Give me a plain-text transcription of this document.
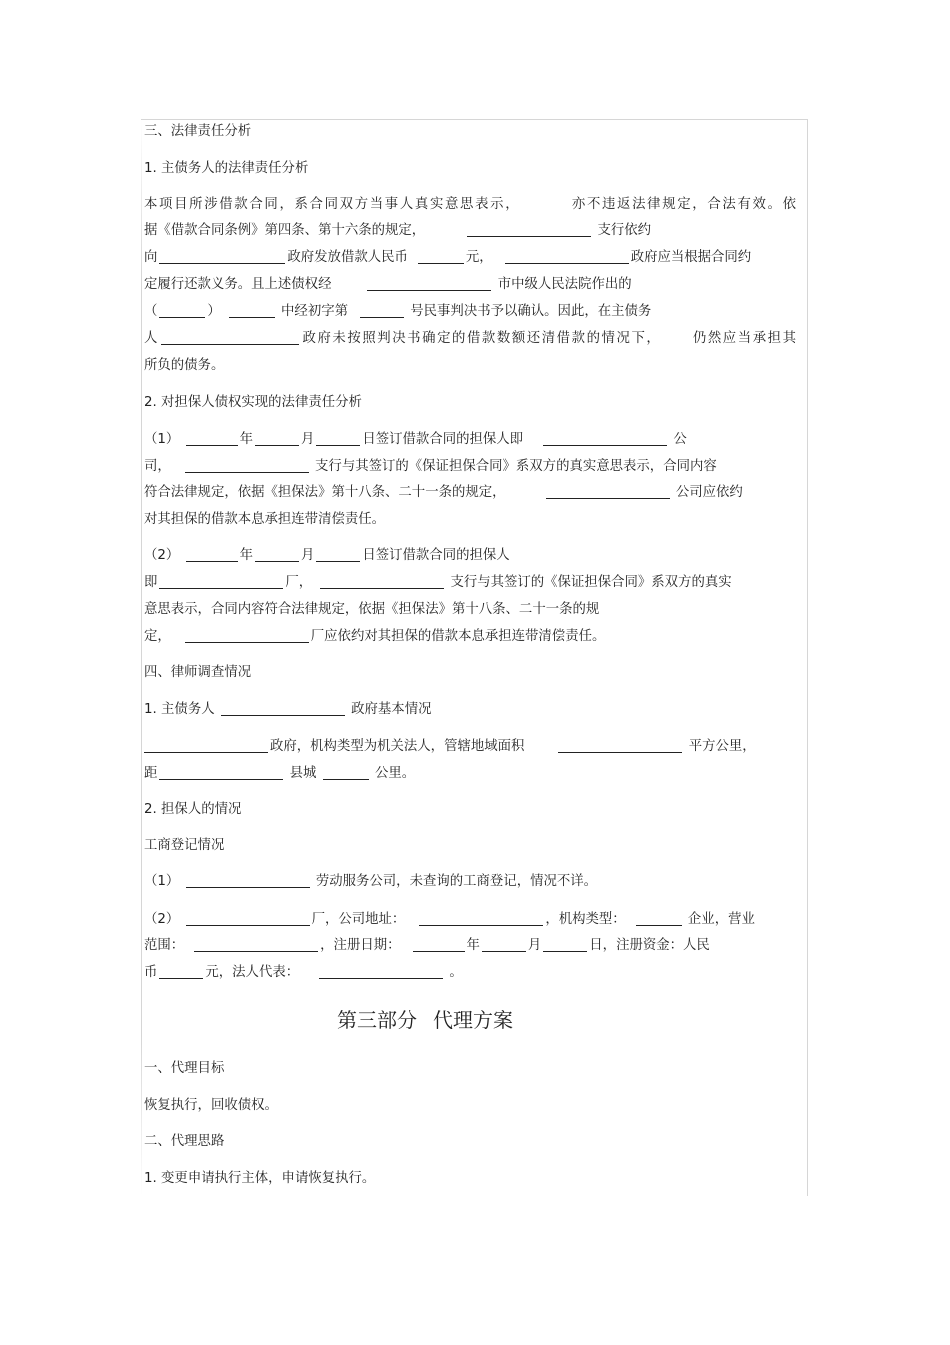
三、法律责任分析
1. 主债务人的法律责任分析
本项目所涉借款合同，系合同双方当事人真实意思表示，	亦不违返法律规定，合法有效。依
据《借款合同条例》第四条、第十六条的规定，	支行依约
向	政府发放借款人民币	元，	政府应当根据合同约
定履行还款义务。且上述债权经	市中级人民法院作出的
（	）	中经初字第	号民事判决书予以确认。因此，在主债务
人	政府未按照判决书确定的借款数额还清借款的情况下， 仍然应当承担其
所负的债务。
2. 对担保人债权实现的法律责任分析
（1）	年	月	日签订借款合同的担保人即	公
司，	支行与其签订的《保证担保合同》系双方的真实意思表示，合同内容
符合法律规定，依据《担保法》第十八条、二十一条的规定，	公司应依约
对其担保的借款本息承担连带清偿责任。
（2）	年	月	日签订借款合同的担保人
即	厂，	支行与其签订的《保证担保合同》系双方的真实
意思表示，合同内容符合法律规定，依据《担保法》第十八条、二十一条的规
定，	厂应依约对其担保的借款本息承担连带清偿责任。
四、律师调查情况
1. 主债务人	政府基本情况
政府，机构类型为机关法人，管辖地域面积	平方公里，
距	县城	公里。
2. 担保人的情况
工商登记情况
（1）	劳动服务公司，未查询的工商登记，情况不详。
（2）	厂，公司地址：	，机构类型：	企业，营业
范围：	，注册日期：	年	月	日，注册资金：人民
币	元，法人代表：	。
一、代理目标
恢复执行，回收债权。
二、代理思路
1. 变更申请执行主体，申请恢复执行。
第三部分 代理方案
